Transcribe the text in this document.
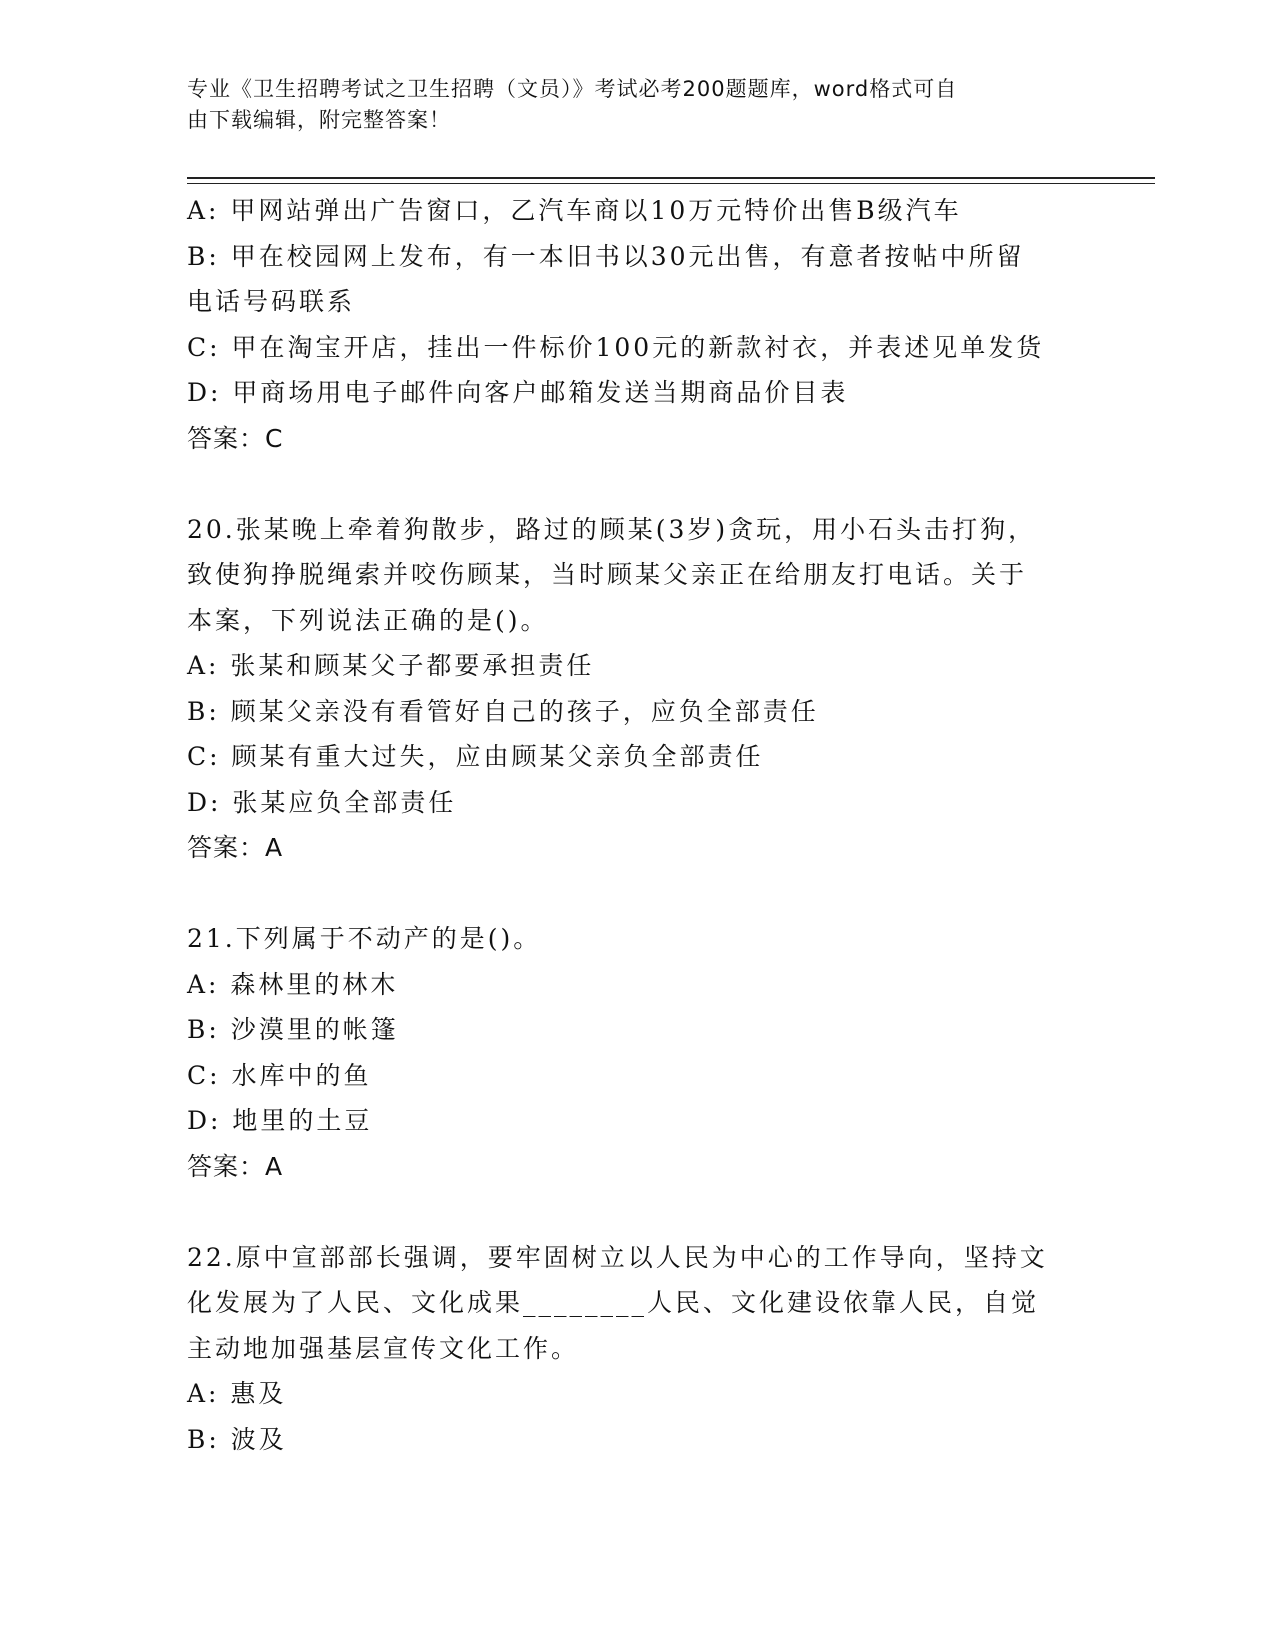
专业《卫生招聘考试之卫生招聘（文员）》考试必考200题题库，word格式可自
由下载编辑，附完整答案！
A: 甲网站弹出广告窗口，乙汽车商以10万元特价出售B级汽车
B: 甲在校园网上发布，有一本旧书以30元出售，有意者按帖中所留
电话号码联系
C: 甲在淘宝开店，挂出一件标价100元的新款衬衣，并表述见单发货
D: 甲商场用电子邮件向客户邮箱发送当期商品价目表
答案：C
20.张某晚上牵着狗散步，路过的顾某(3岁)贪玩，用小石头击打狗，
致使狗挣脱绳索并咬伤顾某，当时顾某父亲正在给朋友打电话。关于
本案，下列说法正确的是()。
A: 张某和顾某父子都要承担责任
B: 顾某父亲没有看管好自己的孩子，应负全部责任
C: 顾某有重大过失，应由顾某父亲负全部责任
D: 张某应负全部责任
答案：A
21.下列属于不动产的是()。
A: 森林里的林木
B: 沙漠里的帐篷
C: 水库中的鱼
D: 地里的土豆
答案：A
22.原中宣部部长强调，要牢固树立以人民为中心的工作导向，坚持文
化发展为了人民、文化成果________人民、文化建设依靠人民，自觉
主动地加强基层宣传文化工作。
A: 惠及
B: 波及
